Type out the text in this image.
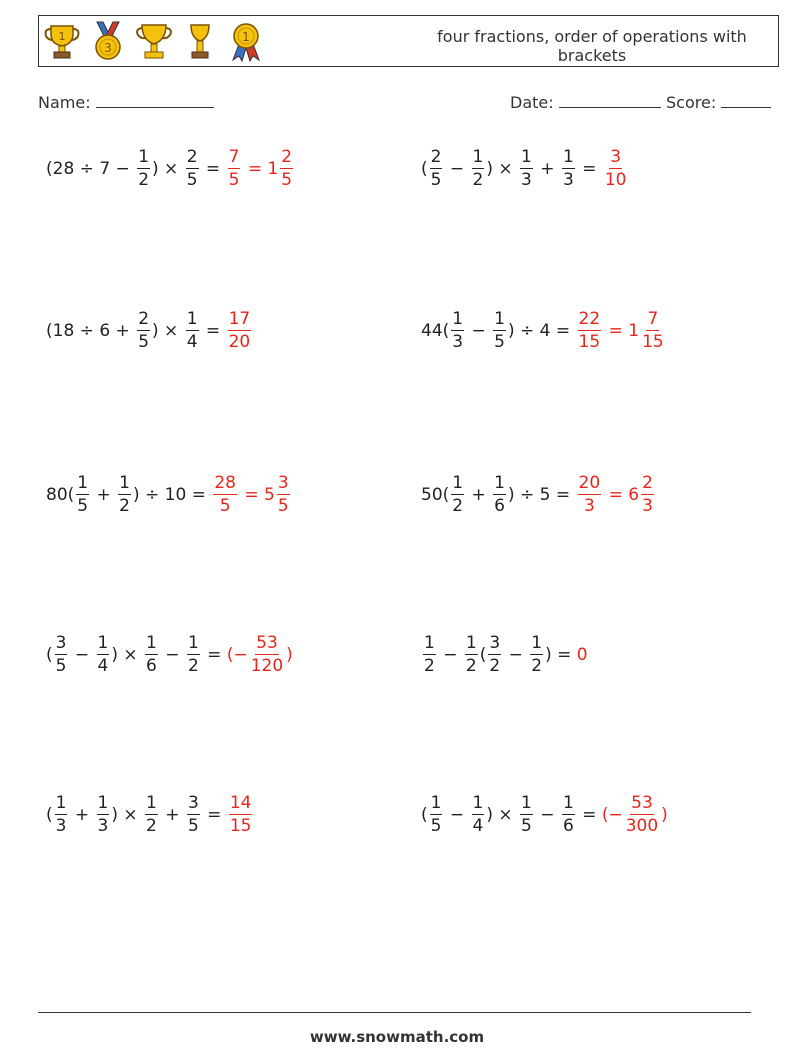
1
3
1	four fractions, order of operations with
brackets
Name:	Date:	Score:
($28 \div 7 - \frac{1}{2}$ ) × $\frac{2}{5} = \frac{7}{5} = 1 \frac{2}{5}$	( $\frac{2}{5} - \frac{1}{2}$ ) × $\frac{1}{3} + \frac{1}{3} = \frac{3}{10}$
($18 \div 6 + \frac{2}{5}$ ) × $\frac{1}{4} = \frac{17}{20}$	$44( \frac{1}{3} - \frac{1}{5}$ ) ÷ $4 = \frac{22}{15} = 1 \frac{7}{15}$
$80( \frac{1}{5} + \frac{1}{2}$ ) ÷ $10 = \frac{28}{5} = 5 \frac{3}{5}$	$50( \frac{1}{2} + \frac{1}{6}$ ) ÷ $5 = \frac{20}{3} = 6 \frac{2}{3}$
( $\frac{3}{5} - \frac{1}{4}$ ) × $\frac{1}{6} - \frac{1}{2}$ = (− $\frac{53}{120}$ )	$\frac{1}{2} - \frac{1}{2}$ ( $\frac{3}{2} - \frac{1}{2}$ ) = 0
( $\frac{1}{3} + \frac{1}{3}$ ) × $\frac{1}{2} + \frac{3}{5} = \frac{14}{15}$	( $\frac{1}{5} - \frac{1}{4}$ ) × $\frac{1}{5} - \frac{1}{6}$ = (− $\frac{53}{300}$ )
www.snowmath.com
